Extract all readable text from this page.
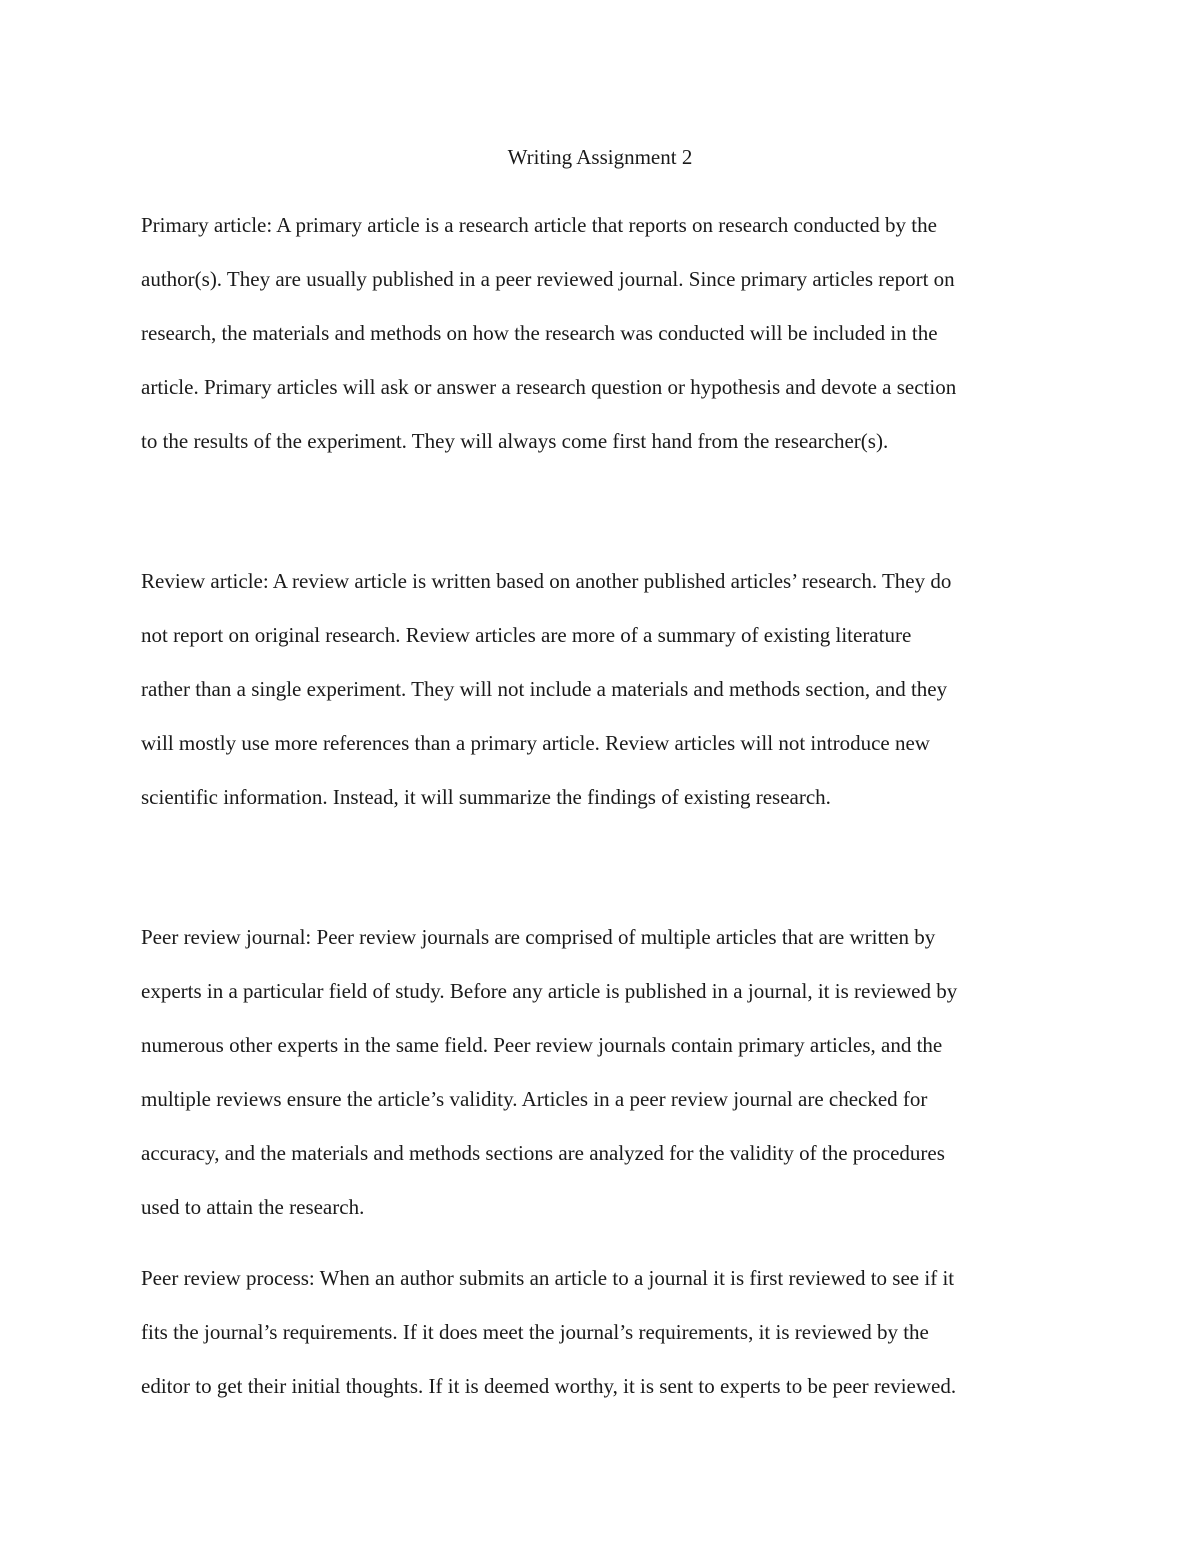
Writing Assignment 2
Primary article: A primary article is a research article that reports on research conducted by the
author(s). They are usually published in a peer reviewed journal. Since primary articles report on
research, the materials and methods on how the research was conducted will be included in the
article. Primary articles will ask or answer a research question or hypothesis and devote a section
to the results of the experiment. They will always come first hand from the researcher(s).
Review article: A review article is written based on another published articles’ research. They do
not report on original research. Review articles are more of a summary of existing literature
rather than a single experiment. They will not include a materials and methods section, and they
will mostly use more references than a primary article. Review articles will not introduce new
scientific information. Instead, it will summarize the findings of existing research.
Peer review journal: Peer review journals are comprised of multiple articles that are written by
experts in a particular field of study. Before any article is published in a journal, it is reviewed by
numerous other experts in the same field. Peer review journals contain primary articles, and the
multiple reviews ensure the article’s validity. Articles in a peer review journal are checked for
accuracy, and the materials and methods sections are analyzed for the validity of the procedures
used to attain the research.
Peer review process: When an author submits an article to a journal it is first reviewed to see if it
fits the journal’s requirements. If it does meet the journal’s requirements, it is reviewed by the
editor to get their initial thoughts. If it is deemed worthy, it is sent to experts to be peer reviewed.
